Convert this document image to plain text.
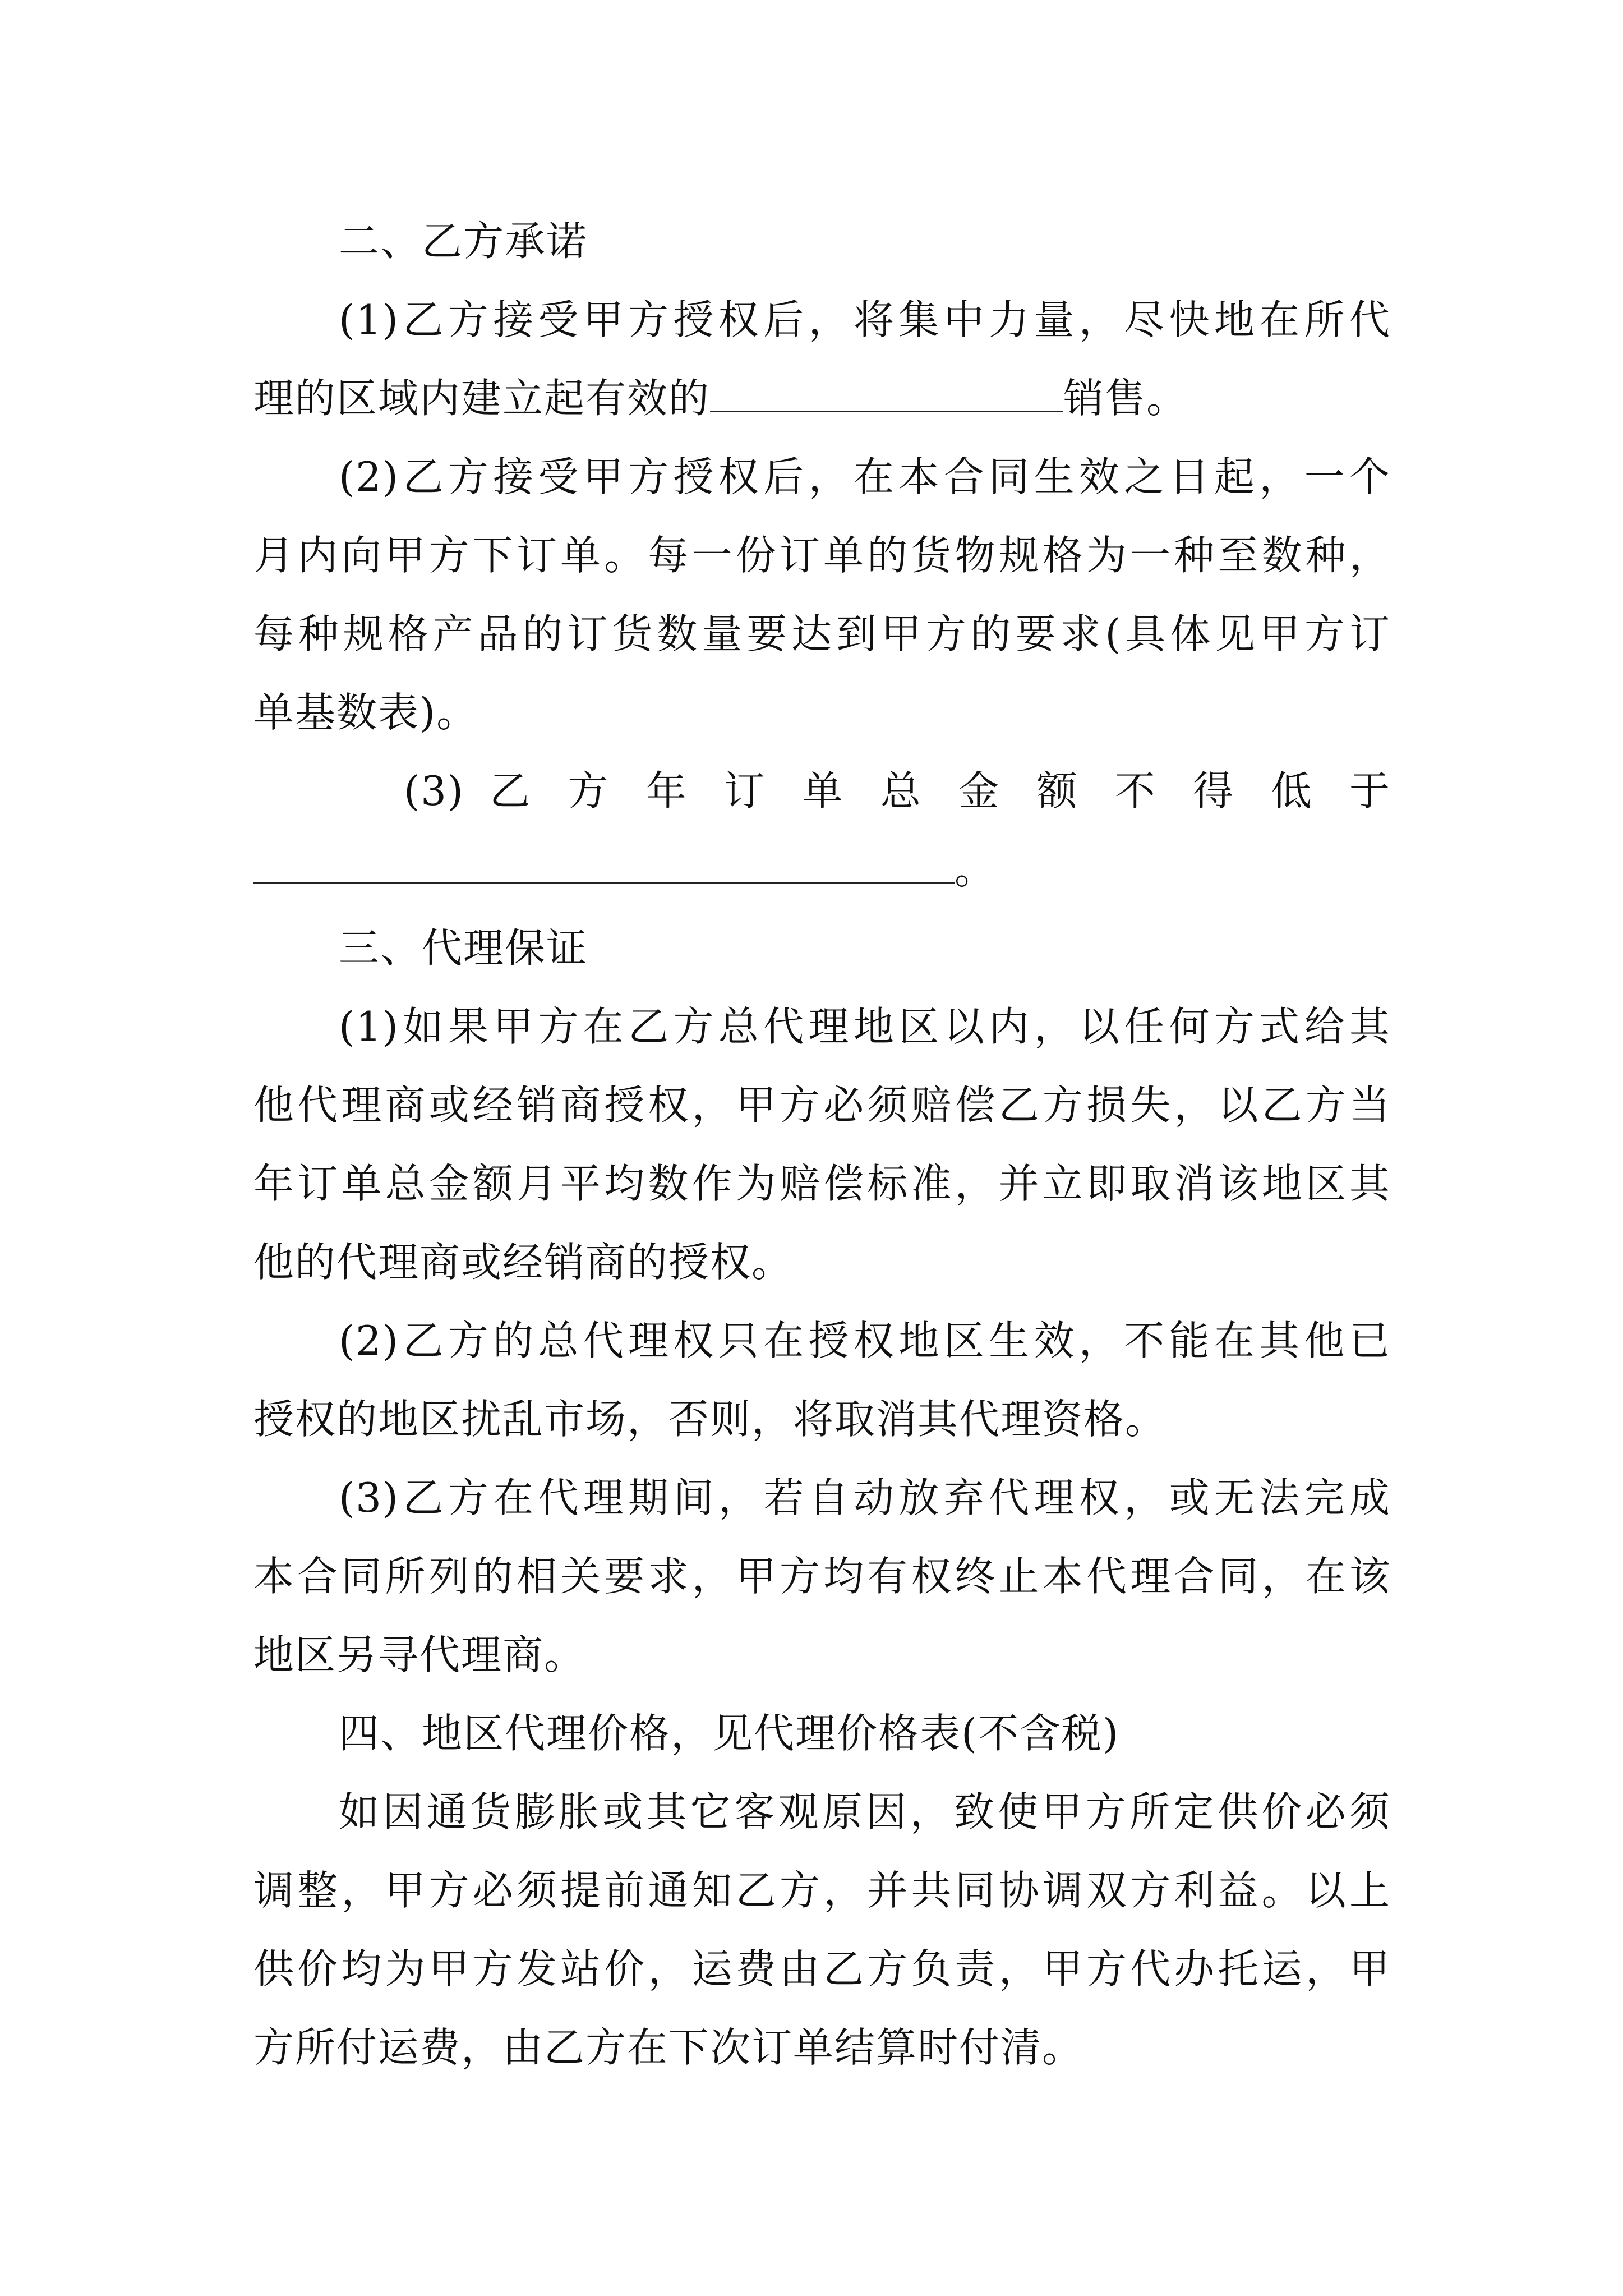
二、乙方承诺
(1)乙方接受甲方授权后，将集中力量，尽快地在所代
理的区域内建立起有效的	销售。
(2)乙方接受甲方授权后，在本合同生效之日起，一个
月内向甲方下订单。每一份订单的货物规格为一种至数种，
每种规格产品的订货数量要达到甲方的要求(具体见甲方订
单基数表)。
(3) 乙 方 年 订 单 总 金 额 不 得 低 于
。
三、代理保证
(1)如果甲方在乙方总代理地区以内，以任何方式给其
他代理商或经销商授权，甲方必须赔偿乙方损失，以乙方当
年订单总金额月平均数作为赔偿标准，并立即取消该地区其
他的代理商或经销商的授权。
(2)乙方的总代理权只在授权地区生效，不能在其他已
授权的地区扰乱市场，否则，将取消其代理资格。
(3)乙方在代理期间，若自动放弃代理权，或无法完成
本合同所列的相关要求，甲方均有权终止本代理合同，在该
地区另寻代理商。
四、地区代理价格，见代理价格表(不含税)
如因通货膨胀或其它客观原因，致使甲方所定供价必须
调整，甲方必须提前通知乙方，并共同协调双方利益。以上
供价均为甲方发站价，运费由乙方负责，甲方代办托运，甲
方所付运费，由乙方在下次订单结算时付清。
